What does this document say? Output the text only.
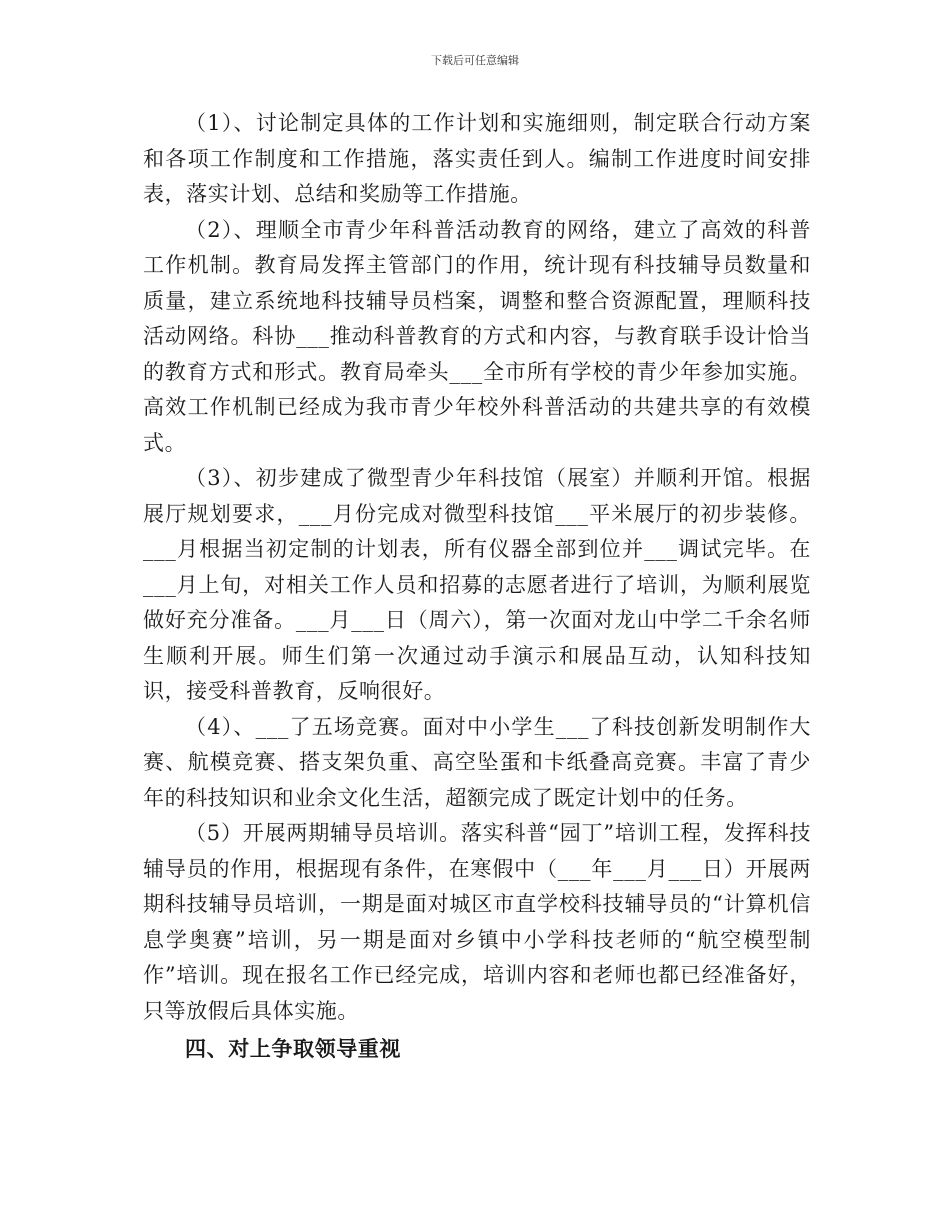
下载后可任意编辑

（1）、讨论制定具体的工作计划和实施细则，制定联合行动方案和各项工作制度和工作措施，落实责任到人。编制工作进度时间安排表，落实计划、总结和奖励等工作措施。

（2）、理顺全市青少年科普活动教育的网络，建立了高效的科普工作机制。教育局发挥主管部门的作用，统计现有科技辅导员数量和质量，建立系统地科技辅导员档案，调整和整合资源配置，理顺科技活动网络。科协___推动科普教育的方式和内容，与教育联手设计恰当的教育方式和形式。教育局牵头___全市所有学校的青少年参加实施。高效工作机制已经成为我市青少年校外科普活动的共建共享的有效模式。

（3）、初步建成了微型青少年科技馆（展室）并顺利开馆。根据展厅规划要求，___月份完成对微型科技馆___平米展厅的初步装修。___月根据当初定制的计划表，所有仪器全部到位并___调试完毕。在___月上旬，对相关工作人员和招募的志愿者进行了培训，为顺利展览做好充分准备。___月___日（周六），第一次面对龙山中学二千余名师生顺利开展。师生们第一次通过动手演示和展品互动，认知科技知识，接受科普教育，反响很好。

（4）、___了五场竞赛。面对中小学生___了科技创新发明制作大赛、航模竞赛、搭支架负重、高空坠蛋和卡纸叠高竞赛。丰富了青少年的科技知识和业余文化生活，超额完成了既定计划中的任务。

（5）开展两期辅导员培训。落实科普“园丁”培训工程，发挥科技辅导员的作用，根据现有条件，在寒假中（___年___月___日）开展两期科技辅导员培训，一期是面对城区市直学校科技辅导员的“计算机信息学奥赛”培训，另一期是面对乡镇中小学科技老师的“航空模型制作”培训。现在报名工作已经完成，培训内容和老师也都已经准备好，只等放假后具体实施。

四、对上争取领导重视
